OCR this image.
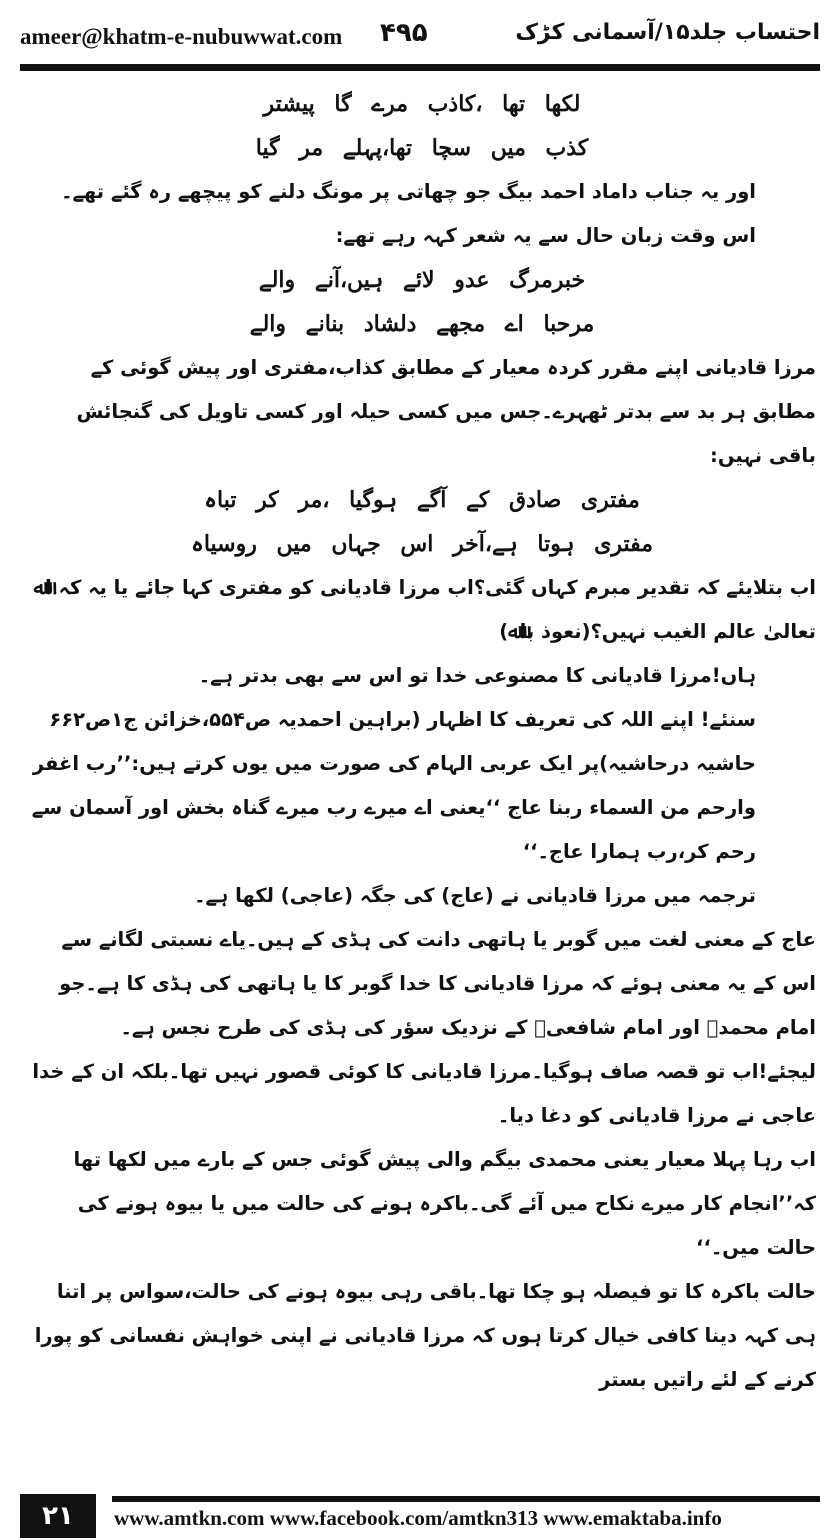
ameer@khatm-e-nubuwwat.com ۴۹۵	احتساب جلد۱۵/آسمانی کڑک

لکھا تھا ،کاذب مرے گا پیشتر

کذب میں سچا تھا،پہلے مر گیا

اور یہ جناب داماد احمد بیگ جو چھاتی پر مونگ دلنے کو پیچھے رہ گئے تھے۔اس وقت زبان حال سے یہ شعر کہہ رہے تھے:

خبرمرگ عدو لائے ہیں،آنے والے

مرحبا اے مجھے دلشاد بنانے والے

مرزا قادیانی اپنے مقرر کردہ معیار کے مطابق کذاب،مفتری اور پیش گوئی کے مطابق ہر بد سے بدتر ٹھہرے۔جس میں کسی حیلہ اور کسی تاویل کی گنجائش باقی نہیں:

مفتری صادق کے آگے ہوگیا ،مر کر تباہ

مفتری ہوتا ہے،آخر اس جہاں میں روسیاہ

اب بتلایئے کہ تقدیر مبرم کہاں گئی؟اب مرزا قادیانی کو مفتری کہا جائے یا یہ کہ اﷲ تعالیٰ عالم الغیب نہیں؟(نعوذ باﷲ)

ہاں!مرزا قادیانی کا مصنوعی خدا تو اس سے بھی بدتر ہے۔

سنئے! اپنے اللہ کی تعریف کا اظہار (براہین احمدیہ ص۵۵۴،خزائن ج۱ص۶۶۲ حاشیہ درحاشیہ)پر ایک عربی الہام کی صورت میں یوں کرتے ہیں:’’رب اغفر وارحم من السماء ربنا عاج ‘‘یعنی اے میرے رب میرے گناہ بخش اور آسمان سے رحم کر،رب ہمارا عاج۔‘‘

ترجمہ میں مرزا قادیانی نے (عاج) کی جگہ (عاجی) لکھا ہے۔

عاج کے معنی لغت میں گوبر یا ہاتھی دانت کی ہڈی کے ہیں۔یاے نسبتی لگانے سے اس کے یہ معنی ہوئے کہ مرزا قادیانی کا خدا گوبر کا یا ہاتھی کی ہڈی کا ہے۔جو امام محمدؒ اور امام شافعیؒ کے نزدیک سؤر کی ہڈی کی طرح نجس ہے۔

لیجئے!اب تو قصہ صاف ہوگیا۔مرزا قادیانی کا کوئی قصور نہیں تھا۔بلکہ ان کے خدا عاجی نے مرزا قادیانی کو دغا دیا۔

اب رہا پہلا معیار یعنی محمدی بیگم والی پیش گوئی جس کے بارے میں لکھا تھا کہ’’انجام کار میرے نکاح میں آئے گی۔باکرہ ہونے کی حالت میں یا بیوہ ہونے کی حالت میں۔‘‘

حالت باکرہ کا تو فیصلہ ہو چکا تھا۔باقی رہی بیوہ ہونے کی حالت،سواس پر اتنا ہی کہہ دینا کافی خیال کرتا ہوں کہ مرزا قادیانی نے اپنی خواہش نفسانی کو پورا کرنے کے لئے راتیں بستر

۲۱	www.amtkn.com www.facebook.com/amtkn313 www.emaktaba.info
